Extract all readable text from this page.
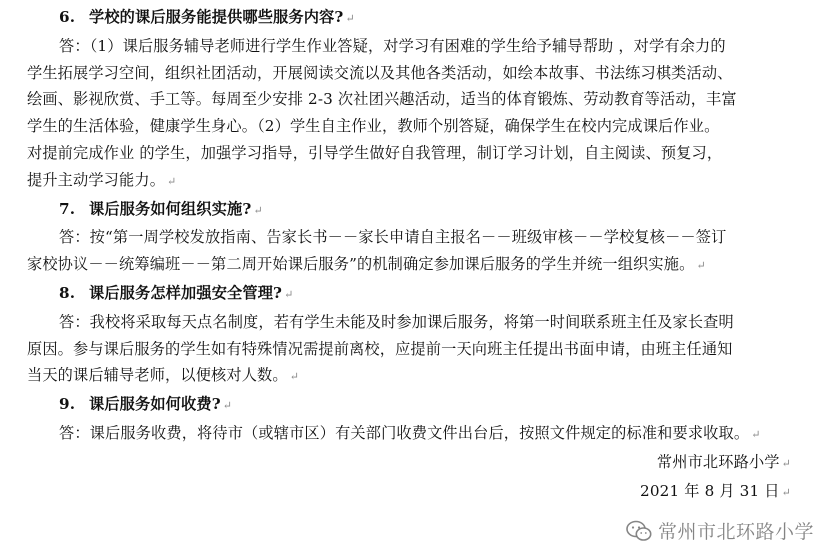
6. 学校的课后服务能提供哪些服务内容? ↵
答：（1）课后服务辅导老师进行学生作业答疑，对学习有困难的学生给予辅导帮助 ，对学有余力的
学生拓展学习空间，组织社团活动，开展阅读交流以及其他各类活动，如绘本故事、书法练习棋类活动、
绘画、影视欣赏、手工等。每周至少安排 2-3 次社团兴趣活动，适当的体育锻炼、劳动教育等活动，丰富
学生的生活体验，健康学生身心。（2）学生自主作业，教师个别答疑，确保学生在校内完成课后作业。
对提前完成作业 的学生，加强学习指导，引导学生做好自我管理，制订学习计划，自主阅读、预复习，
提升主动学习能力。 ↵
7. 课后服务如何组织实施? ↵
答：按“第一周学校发放指南、告家长书－－家长申请自主报名－－班级审核－－学校复核－－签订
家校协议－－统筹编班－－第二周开始课后服务”的机制确定参加课后服务的学生并统一组织实施。 ↵
8. 课后服务怎样加强安全管理? ↵
答：我校将采取每天点名制度，若有学生未能及时参加课后服务，将第一时间联系班主任及家长查明
原因。参与课后服务的学生如有特殊情况需提前离校，应提前一天向班主任提出书面申请，由班主任通知
当天的课后辅导老师，以便核对人数。 ↵
9. 课后服务如何收费? ↵
答：课后服务收费，将待市（或辖市区）有关部门收费文件出台后，按照文件规定的标准和要求收取。 ↵
常州市北环路小学 ↵
2021 年 8 月 31 日 ↵
常州市北环路小学
